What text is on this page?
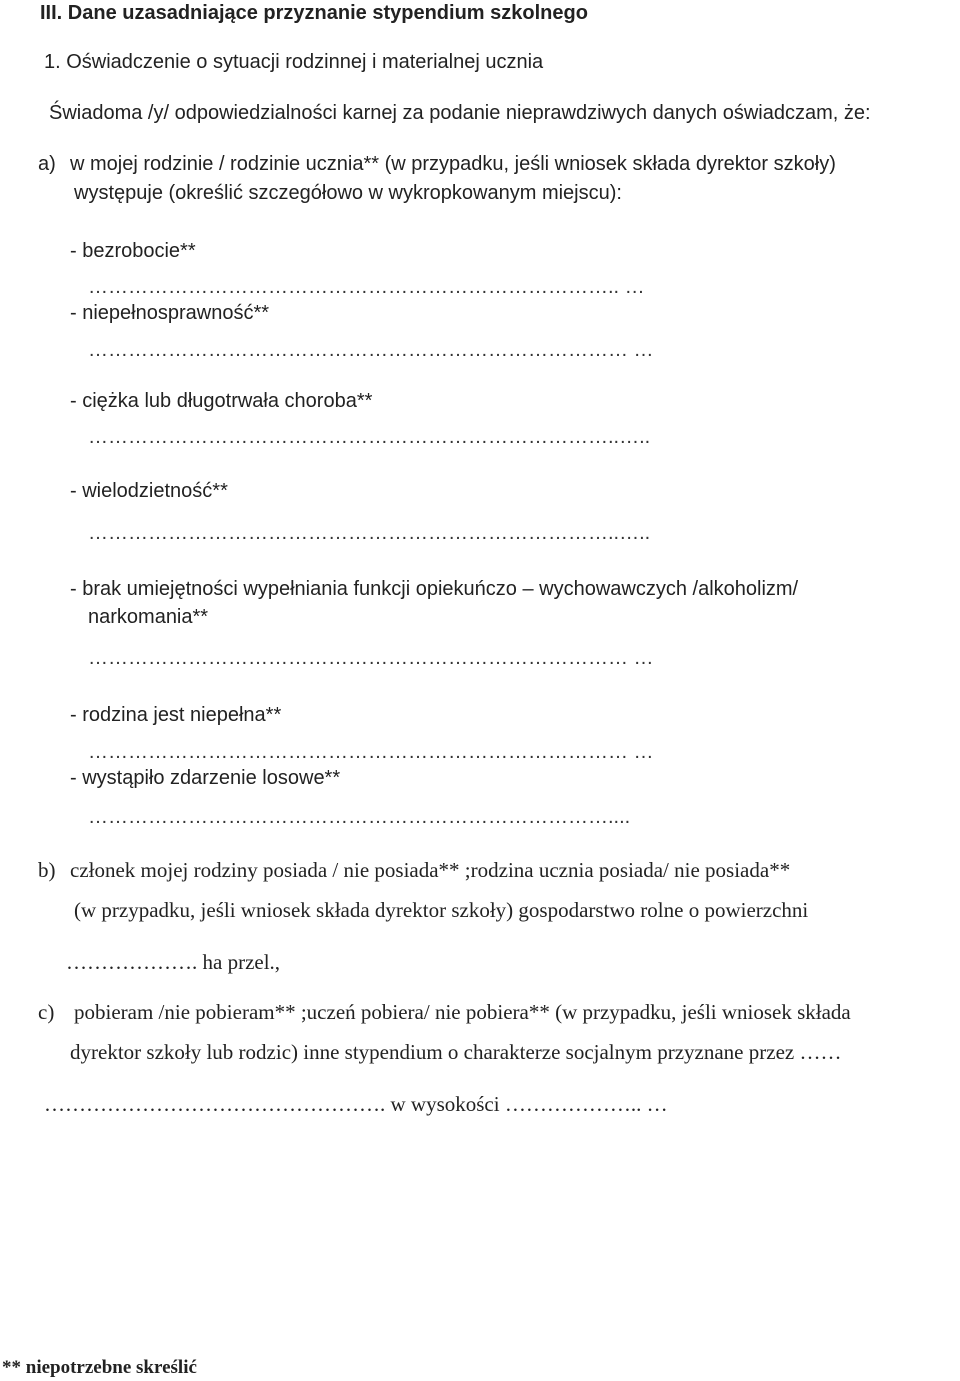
III. Dane uzasadniające przyznanie stypendium szkolnego
1. Oświadczenie o sytuacji rodzinnej i materialnej ucznia
Świadoma /y/ odpowiedzialności karnej za podanie nieprawdziwych danych oświadczam, że:
a) w mojej rodzinie / rodzinie ucznia** (w przypadku, jeśli wniosek składa dyrektor szkoły)
występuje (określić szczegółowo w wykropkowanym miejscu):
- bezrobocie**
…………………………………………………………………….. …
- niepełnosprawność**
……………………………………………………………………… …
- ciężka lub długotrwała choroba**
……………………………………………………………………..…..
- wielodzietność**
……………………………………………………………………..…..
- brak umiejętności wypełniania funkcji opiekuńczo – wychowawczych /alkoholizm/
narkomania**
……………………………………………………………………… …
- rodzina jest niepełna**
……………………………………………………………………… …
- wystąpiło zdarzenie losowe**
……………………………………………………………………....
b) członek mojej rodziny posiada / nie posiada** ;rodzina ucznia posiada/ nie posiada**
(w przypadku, jeśli wniosek składa dyrektor szkoły) gospodarstwo rolne o powierzchni
………………. ha przel.,
c) pobieram /nie pobieram** ;uczeń pobiera/ nie pobiera** (w przypadku, jeśli wniosek składa
dyrektor szkoły lub rodzic) inne stypendium o charakterze socjalnym przyznane przez ……
…………………………………………. w wysokości ……………….. …
** niepotrzebne skreślić
